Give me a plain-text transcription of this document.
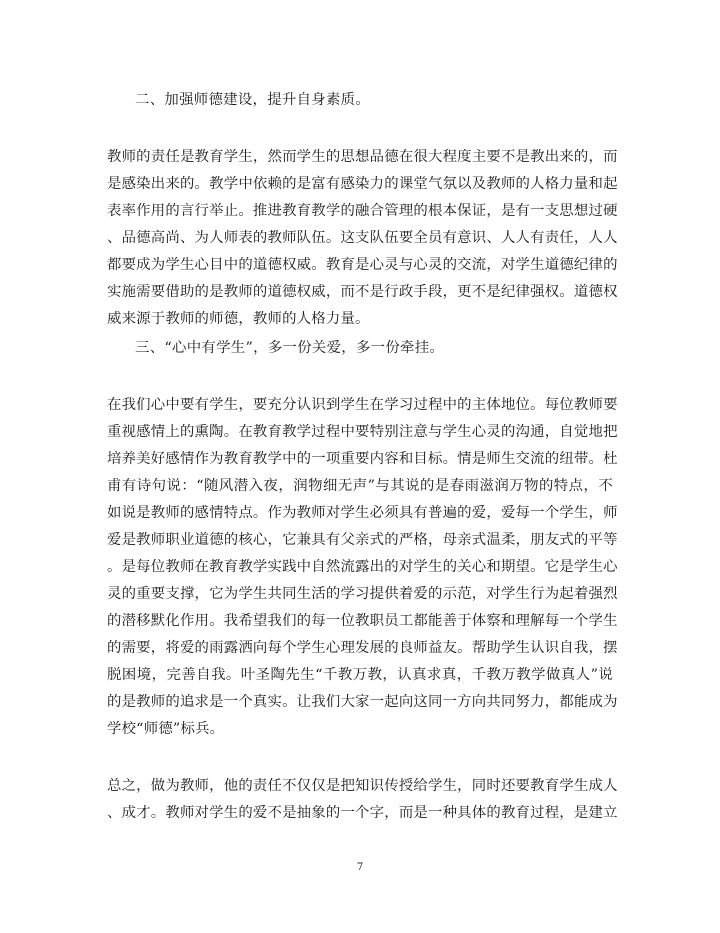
二、加强师德建设，提升自身素质。
教师的责任是教育学生，然而学生的思想品德在很大程度主要不是教出来的，而
是感染出来的。教学中依赖的是富有感染力的课堂气氛以及教师的人格力量和起
表率作用的言行举止。推进教育教学的融合管理的根本保证，是有一支思想过硬
、品德高尚、为人师表的教师队伍。这支队伍要全员有意识、人人有责任，人人
都要成为学生心目中的道德权威。教育是心灵与心灵的交流，对学生道德纪律的
实施需要借助的是教师的道德权威，而不是行政手段，更不是纪律强权。道德权
威来源于教师的师德，教师的人格力量。
三、“心中有学生”，多一份关爱，多一份牵挂。
在我们心中要有学生，要充分认识到学生在学习过程中的主体地位。每位教师要
重视感情上的熏陶。在教育教学过程中要特别注意与学生心灵的沟通，自觉地把
培养美好感情作为教育教学中的一项重要内容和目标。情是师生交流的纽带。杜
甫有诗句说：“随风潜入夜，润物细无声”与其说的是春雨滋润万物的特点，不
如说是教师的感情特点。作为教师对学生必须具有普遍的爱，爱每一个学生，师
爱是教师职业道德的核心，它兼具有父亲式的严格，母亲式温柔，朋友式的平等
。是每位教师在教育教学实践中自然流露出的对学生的关心和期望。它是学生心
灵的重要支撑，它为学生共同生活的学习提供着爱的示范，对学生行为起着强烈
的潜移默化作用。我希望我们的每一位教职员工都能善于体察和理解每一个学生
的需要，将爱的雨露洒向每个学生心理发展的良师益友。帮助学生认识自我，摆
脱困境，完善自我。叶圣陶先生“千教万教，认真求真，千教万教学做真人”说
的是教师的追求是一个真实。让我们大家一起向这同一方向共同努力，都能成为
学校“师德”标兵。
总之，做为教师，他的责任不仅仅是把知识传授给学生，同时还要教育学生成人
、成才。教师对学生的爱不是抽象的一个字，而是一种具体的教育过程，是建立
7
